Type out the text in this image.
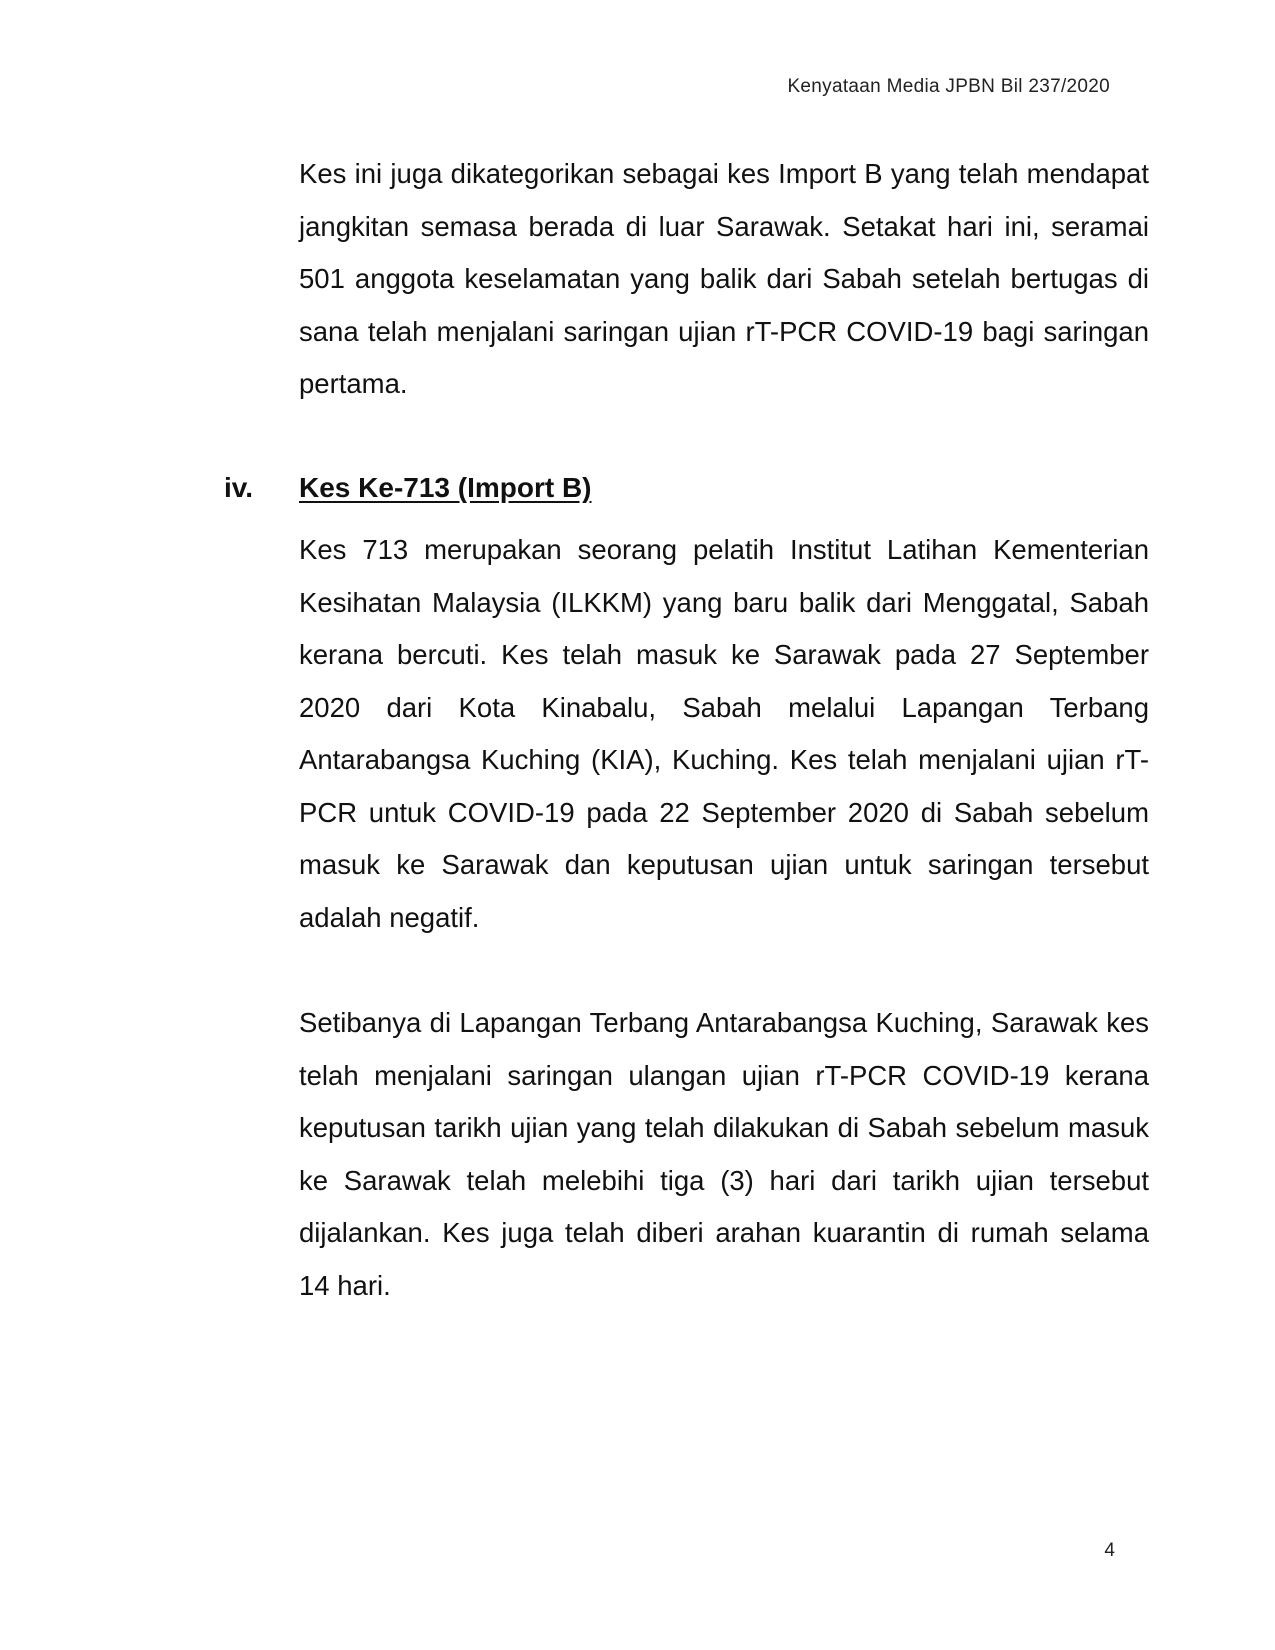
Kenyataan Media JPBN Bil 237/2020

Kes ini juga dikategorikan sebagai kes Import B yang telah mendapat jangkitan semasa berada di luar Sarawak. Setakat hari ini, seramai 501 anggota keselamatan yang balik dari Sabah setelah bertugas di sana telah menjalani saringan ujian rT-PCR COVID-19 bagi saringan pertama.

iv. Kes Ke-713 (Import B)

Kes 713 merupakan seorang pelatih Institut Latihan Kementerian Kesihatan Malaysia (ILKKM) yang baru balik dari Menggatal, Sabah kerana bercuti. Kes telah masuk ke Sarawak pada 27 September 2020 dari Kota Kinabalu, Sabah melalui Lapangan Terbang Antarabangsa Kuching (KIA), Kuching. Kes telah menjalani ujian rT-PCR untuk COVID-19 pada 22 September 2020 di Sabah sebelum masuk ke Sarawak dan keputusan ujian untuk saringan tersebut adalah negatif.

Setibanya di Lapangan Terbang Antarabangsa Kuching, Sarawak kes telah menjalani saringan ulangan ujian rT-PCR COVID-19 kerana keputusan tarikh ujian yang telah dilakukan di Sabah sebelum masuk ke Sarawak telah melebihi tiga (3) hari dari tarikh ujian tersebut dijalankan. Kes juga telah diberi arahan kuarantin di rumah selama 14 hari.

4
